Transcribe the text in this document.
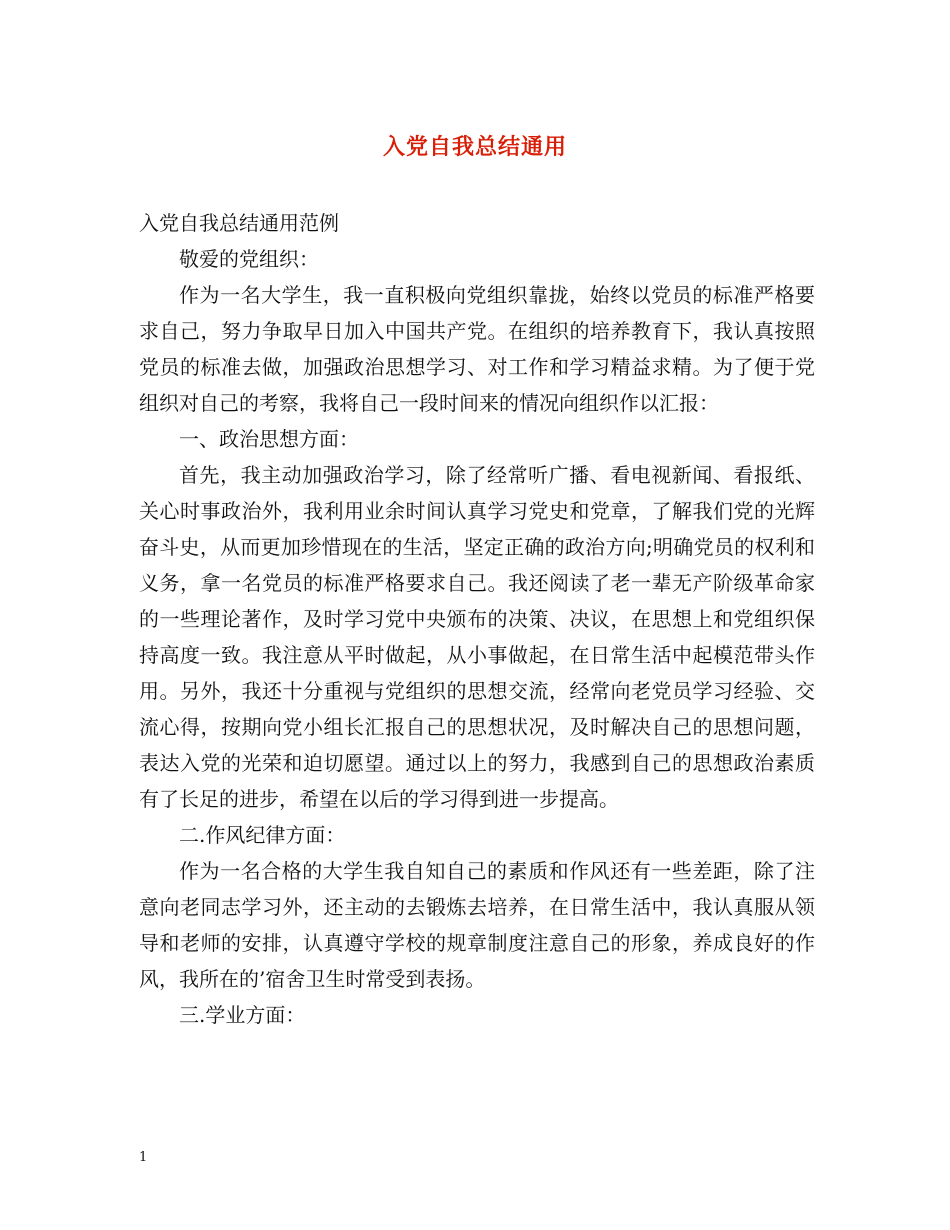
入党自我总结通用

入党自我总结通用范例

敬爱的党组织：

作为一名大学生，我一直积极向党组织靠拢，始终以党员的标准严格要求自己，努力争取早日加入中国共产党。在组织的培养教育下，我认真按照党员的标准去做，加强政治思想学习、对工作和学习精益求精。为了便于党组织对自己的考察，我将自己一段时间来的情况向组织作以汇报：

一、政治思想方面：

首先，我主动加强政治学习，除了经常听广播、看电视新闻、看报纸、关心时事政治外，我利用业余时间认真学习党史和党章，了解我们党的光辉奋斗史，从而更加珍惜现在的生活，坚定正确的政治方向;明确党员的权利和义务，拿一名党员的标准严格要求自己。我还阅读了老一辈无产阶级革命家的一些理论著作，及时学习党中央颁布的决策、决议，在思想上和党组织保持高度一致。我注意从平时做起，从小事做起，在日常生活中起模范带头作用。另外，我还十分重视与党组织的思想交流，经常向老党员学习经验、交流心得，按期向党小组长汇报自己的思想状况，及时解决自己的思想问题，表达入党的光荣和迫切愿望。通过以上的努力，我感到自己的思想政治素质有了长足的进步，希望在以后的学习得到进一步提高。

二.作风纪律方面：

作为一名合格的大学生我自知自己的素质和作风还有一些差距，除了注意向老同志学习外，还主动的去锻炼去培养，在日常生活中，我认真服从领导和老师的安排，认真遵守学校的规章制度注意自己的形象，养成良好的作风，我所在的’宿舍卫生时常受到表扬。

三.学业方面：

1
